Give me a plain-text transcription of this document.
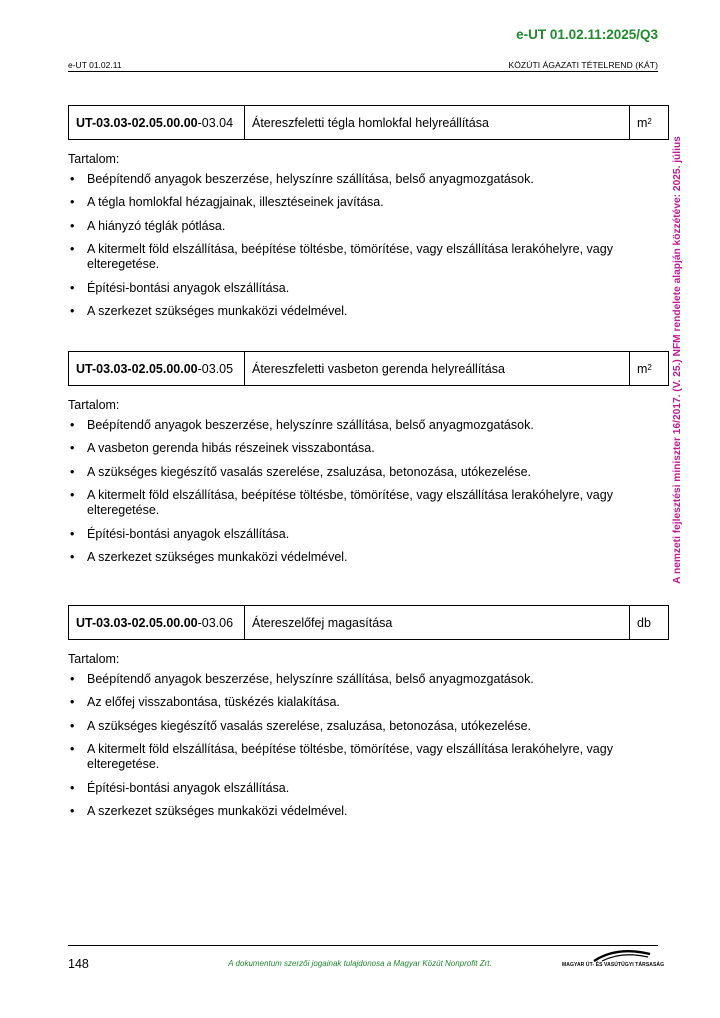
e-UT 01.02.11:2025/Q3
e-UT 01.02.11	KÖZÚTI ÁGAZATI TÉTELREND (KÁT)
A nemzeti fejlesztési miniszter 16/2017. (V. 25.) NFM rendelete alapján közzétéve: 2025. július
UT-03.03-02.05.00.00 -03.04	Átereszfeletti tégla homlokfal helyreállítása	$m^2$
Tartalom:
• Beépítendő anyagok beszerzése, helyszínre szállítása, belső anyagmozgatások.
• A tégla homlokfal hézagjainak, illesztéseinek javítása.
• A hiányzó téglák pótlása.
• A kitermelt föld elszállítása, beépítése töltésbe, tömörítése, vagy elszállítása lerakóhelyre, vagy elteregetése.
• Építési-bontási anyagok elszállítása.
• A szerkezet szükséges munkaközi védelmével.
UT-03.03-02.05.00.00 -03.05	Átereszfeletti vasbeton gerenda helyreállítása	$m^2$
Tartalom:
• Beépítendő anyagok beszerzése, helyszínre szállítása, belső anyagmozgatások.
• A vasbeton gerenda hibás részeinek visszabontása.
• A szükséges kiegészítő vasalás szerelése, zsaluzása, betonozása, utókezelése.
• A kitermelt föld elszállítása, beépítése töltésbe, tömörítése, vagy elszállítása lerakóhelyre, vagy elteregetése.
• Építési-bontási anyagok elszállítása.
• A szerkezet szükséges munkaközi védelmével.
UT-03.03-02.05.00.00 -03.06	Átereszelőfej magasítása	db
Tartalom:
• Beépítendő anyagok beszerzése, helyszínre szállítása, belső anyagmozgatások.
• Az előfej visszabontása, tüskézés kialakítása.
• A szükséges kiegészítő vasalás szerelése, zsaluzása, betonozása, utókezelése.
• A kitermelt föld elszállítása, beépítése töltésbe, tömörítése, vagy elszállítása lerakóhelyre, vagy elteregetése.
• Építési-bontási anyagok elszállítása.
• A szerkezet szükséges munkaközi védelmével.
148	A dokumentum szerzői jogainak tulajdonosa a Magyar Közút Nonprofit Zrt.	MAGYAR ÚT- ÉS VASÚTÜGYI TÁRSASÁG
